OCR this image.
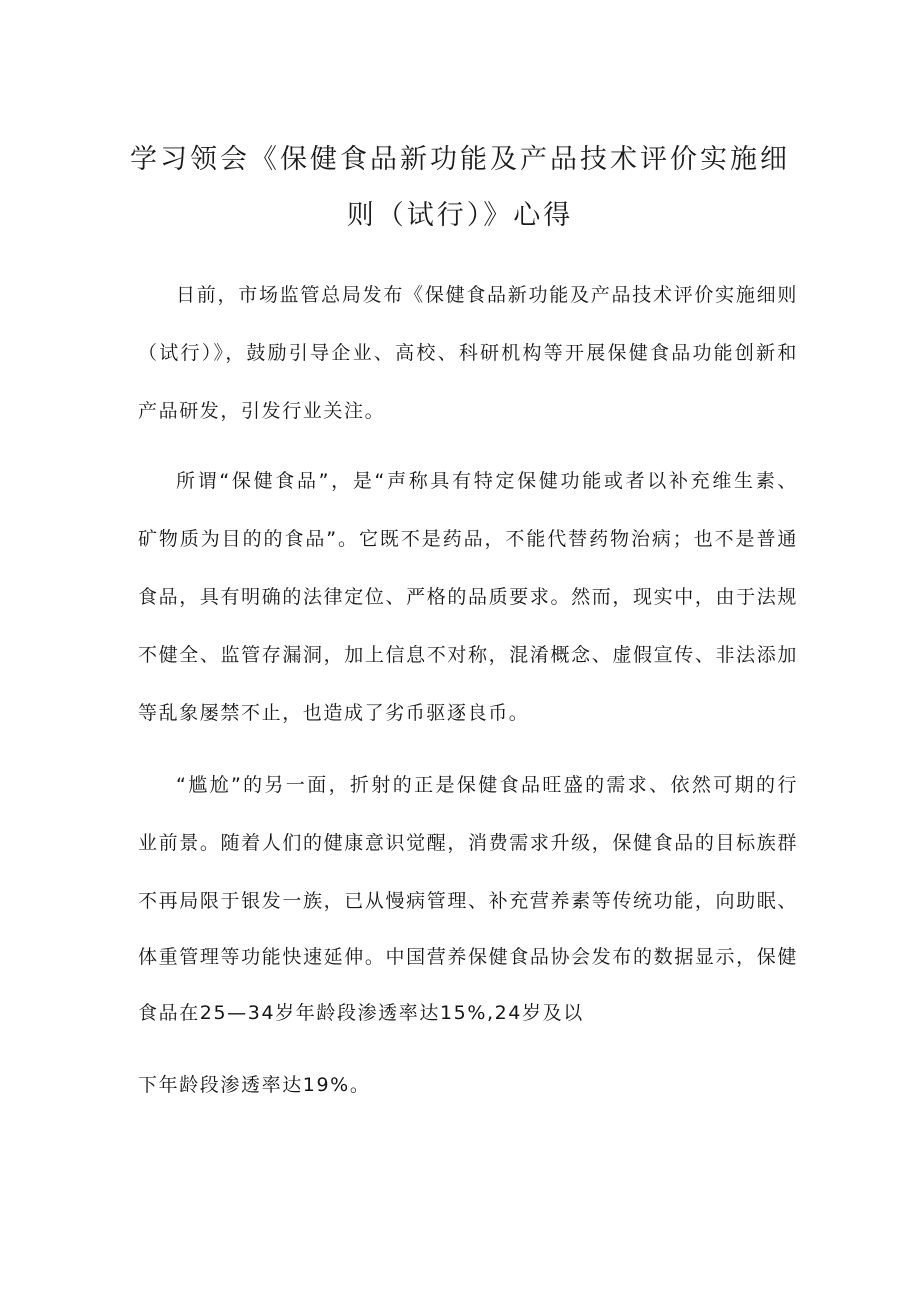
学习领会《保健食品新功能及产品技术评价实施细
则（试行）》心得
日前，市场监管总局发布《保健食品新功能及产品技术评价实施细则
（试行）》，鼓励引导企业、高校、科研机构等开展保健食品功能创新和
产品研发，引发行业关注。
所谓“保健食品”，是“声称具有特定保健功能或者以补充维生素、
矿物质为目的的食品”。它既不是药品，不能代替药物治病；也不是普通
食品，具有明确的法律定位、严格的品质要求。然而，现实中，由于法规
不健全、监管存漏洞，加上信息不对称，混淆概念、虚假宣传、非法添加
等乱象屡禁不止，也造成了劣币驱逐良币。
“尴尬”的另一面，折射的正是保健食品旺盛的需求、依然可期的行
业前景。随着人们的健康意识觉醒，消费需求升级，保健食品的目标族群
不再局限于银发一族，已从慢病管理、补充营养素等传统功能，向助眠、
体重管理等功能快速延伸。中国营养保健食品协会发布的数据显示，保健
食品在25—34岁年龄段渗透率达15%,24岁及以
下年龄段渗透率达19%。
